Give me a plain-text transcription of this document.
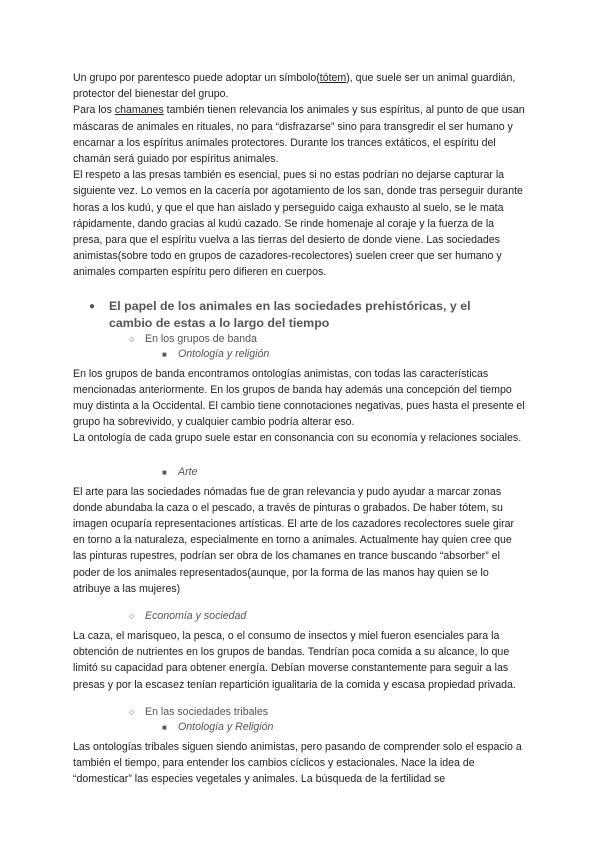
Un grupo por parentesco puede adoptar un símbolo(tótem), que suele ser un animal guardián, protector del bienestar del grupo.

Para los chamanes también tienen relevancia los animales y sus espíritus, al punto de que usan máscaras de animales en rituales, no para “disfrazarse” sino para transgredir el ser humano y encarnar a los espíritus animales protectores. Durante los trances extáticos, el espíritu del chamán será guiado por espíritus animales.

El respeto a las presas también es esencial, pues si no estas podrían no dejarse capturar la siguiente vez. Lo vemos en la cacería por agotamiento de los san, donde tras perseguir durante horas a los kudú, y que el que han aislado y perseguido caiga exhausto al suelo, se le mata rápidamente, dando gracias al kudú cazado. Se rinde homenaje al coraje y la fuerza de la presa, para que el espíritu vuelva a las tierras del desierto de donde viene. Las sociedades animistas(sobre todo en grupos de cazadores-recolectores) suelen creer que ser humano y animales comparten espíritu pero difieren en cuerpos.

●	El papel de los animales en las sociedades prehistóricas, y el cambio de estas a lo largo del tiempo
○ En los grupos de banda
■	Ontología y religión

En los grupos de banda encontramos ontologías animistas, con todas las características mencionadas anteriormente. En los grupos de banda hay además una concepción del tiempo muy distinta a la Occidental. El cambio tiene connotaciones negativas, pues hasta el presente el grupo ha sobrevivido, y cualquier cambio podría alterar eso.

La ontología de cada grupo suele estar en consonancia con su economía y relaciones sociales.

■	Arte

El arte para las sociedades nómadas fue de gran relevancia y pudo ayudar a marcar zonas donde abundaba la caza o el pescado, a través de pinturas o grabados. De haber tótem, su imagen ocuparía representaciones artísticas. El arte de los cazadores recolectores suele girar en torno a la naturaleza, especialmente en torno a animales. Actualmente hay quien cree que las pinturas rupestres, podrían ser obra de los chamanes en trance buscando “absorber” el poder de los animales representados(aunque, por la forma de las manos hay quien se lo atribuye a las mujeres)

○ Economía y sociedad

La caza, el marisqueo, la pesca, o el consumo de insectos y miel fueron esenciales para la obtención de nutrientes en los grupos de bandas. Tendrían poca comida a su alcance, lo que limitó su capacidad para obtener energía. Debían moverse constantemente para seguir a las presas y por la escasez tenían repartición igualitaria de la comida y escasa propiedad privada.

○ En las sociedades tribales
■	Ontología y Religión

Las ontologías tribales siguen siendo animistas, pero pasando de comprender solo el espacio a también el tiempo, para entender los cambios cíclicos y estacionales. Nace la idea de “domesticar” las especies vegetales y animales. La búsqueda de la fertilidad se
